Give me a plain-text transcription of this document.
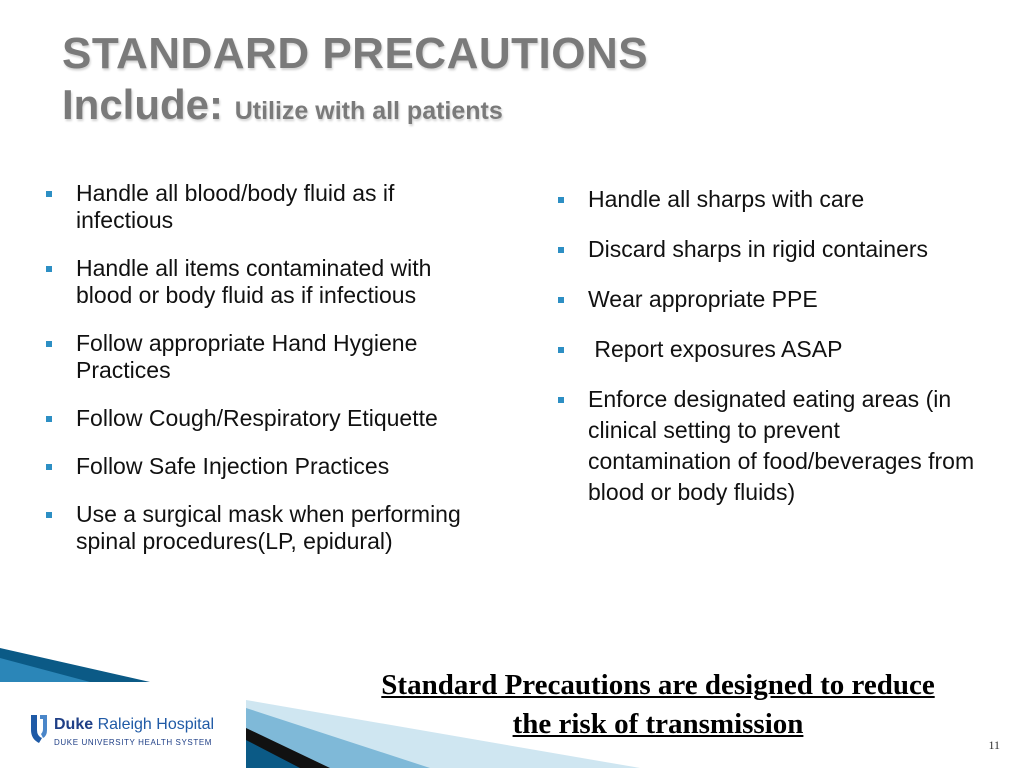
STANDARD PRECAUTIONS
Include: Utilize with all patients
Handle all blood/body fluid as if infectious
Handle all items contaminated with blood or body fluid as if infectious
Follow appropriate Hand Hygiene Practices
Follow Cough/Respiratory Etiquette
Follow Safe Injection Practices
Use a surgical mask when performing spinal procedures(LP, epidural)
Handle all sharps with care
Discard sharps in rigid containers
Wear appropriate PPE
Report exposures ASAP
Enforce designated eating areas (in clinical setting to prevent contamination of food/beverages from blood or body fluids)
Standard Precautions are designed to reduce
the risk of transmission
Duke Raleigh Hospital
DUKE UNIVERSITY HEALTH SYSTEM	11
